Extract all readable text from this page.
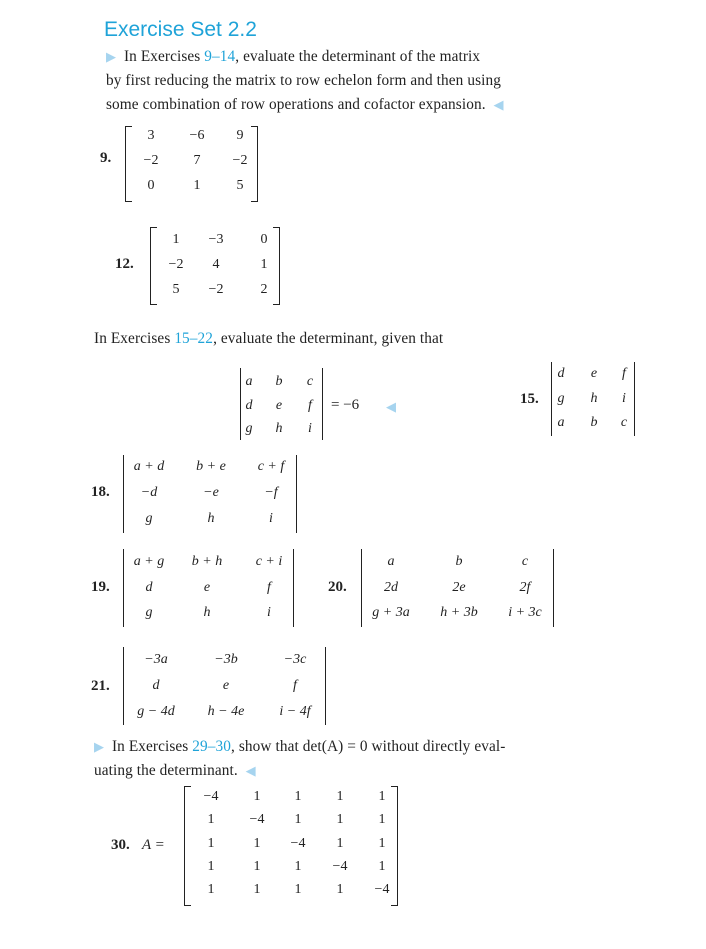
Exercise Set 2.2
▶ In Exercises 9–14, evaluate the determinant of the matrix
by first reducing the matrix to row echelon form and then using
some combination of row operations and cofactor expansion. ◀
9.
3	−6	9
−2	7	−2
0	1	5
12.
1	−3	0
−2	4	1
5	−2	2
In Exercises 15–22, evaluate the determinant, given that
a b c
d e	f
g h	i
= −6 ◀	15.
d e	f
g h	i
a b c
18.
a + d	b + e	c + f
−d	−e	−f
g	h	i
19.
a + g	b + h	c + i
d	e	f
g	h	i
20.
a	b	c
2d	2e	2f
g + 3a	h + 3b	i + 3c
21.
−3a	−3b	−3c
d	e	f
g − 4d	h − 4e	i − 4f
▶ In Exercises 29–30, show that det(A) = 0 without directly eval-
uating the determinant. ◀
30. A =
−4	1	1	1	1
1	−4	1	1	1
1	1	−4	1	1
1	1	1	−4	1
1	1	1	1	−4
